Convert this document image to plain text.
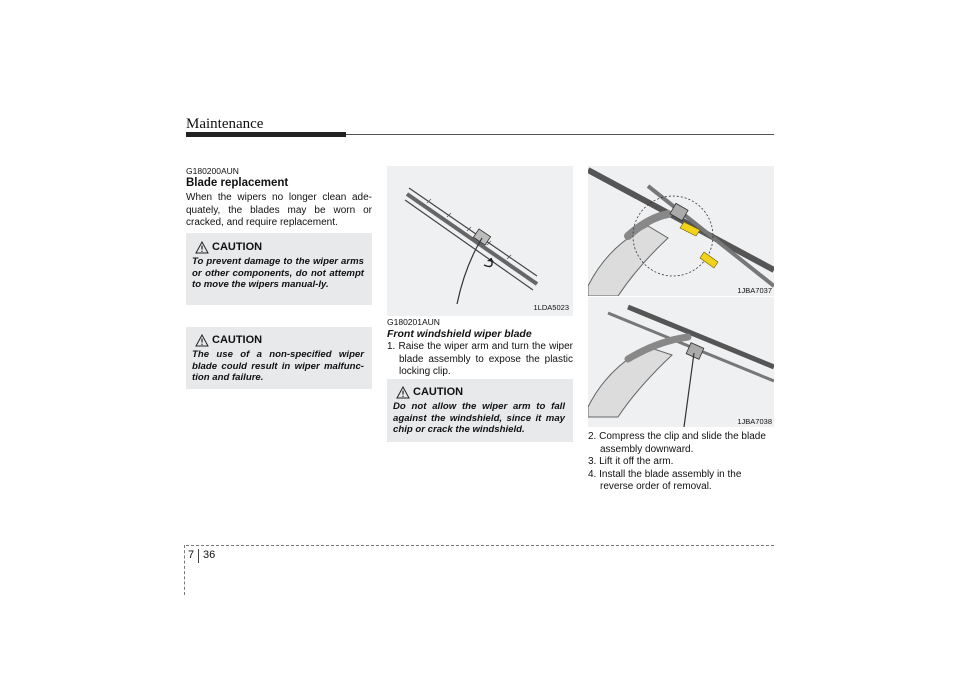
Maintenance
G180200AUN
Blade replacement
When the wipers no longer clean ade-quately, the blades may be worn or cracked, and require replacement.
CAUTION
To prevent damage to the wiper arms or other components, do not attempt to move the wipers manual-ly.
CAUTION
The use of a non-specified wiper blade could result in wiper malfunc-tion and failure.
1LDA5023
G180201AUN
Front windshield wiper blade

1. Raise the wiper arm and turn the wiper blade assembly to expose the plastic locking clip.

CAUTION
Do not allow the wiper arm to fall against the windshield, since it may chip or crack the windshield.
1JBA7037
1JBA7038

2. Compress the clip and slide the blade assembly downward.

3. Lift it off the arm.

4. Install the blade assembly in the reverse order of removal.

7 36
